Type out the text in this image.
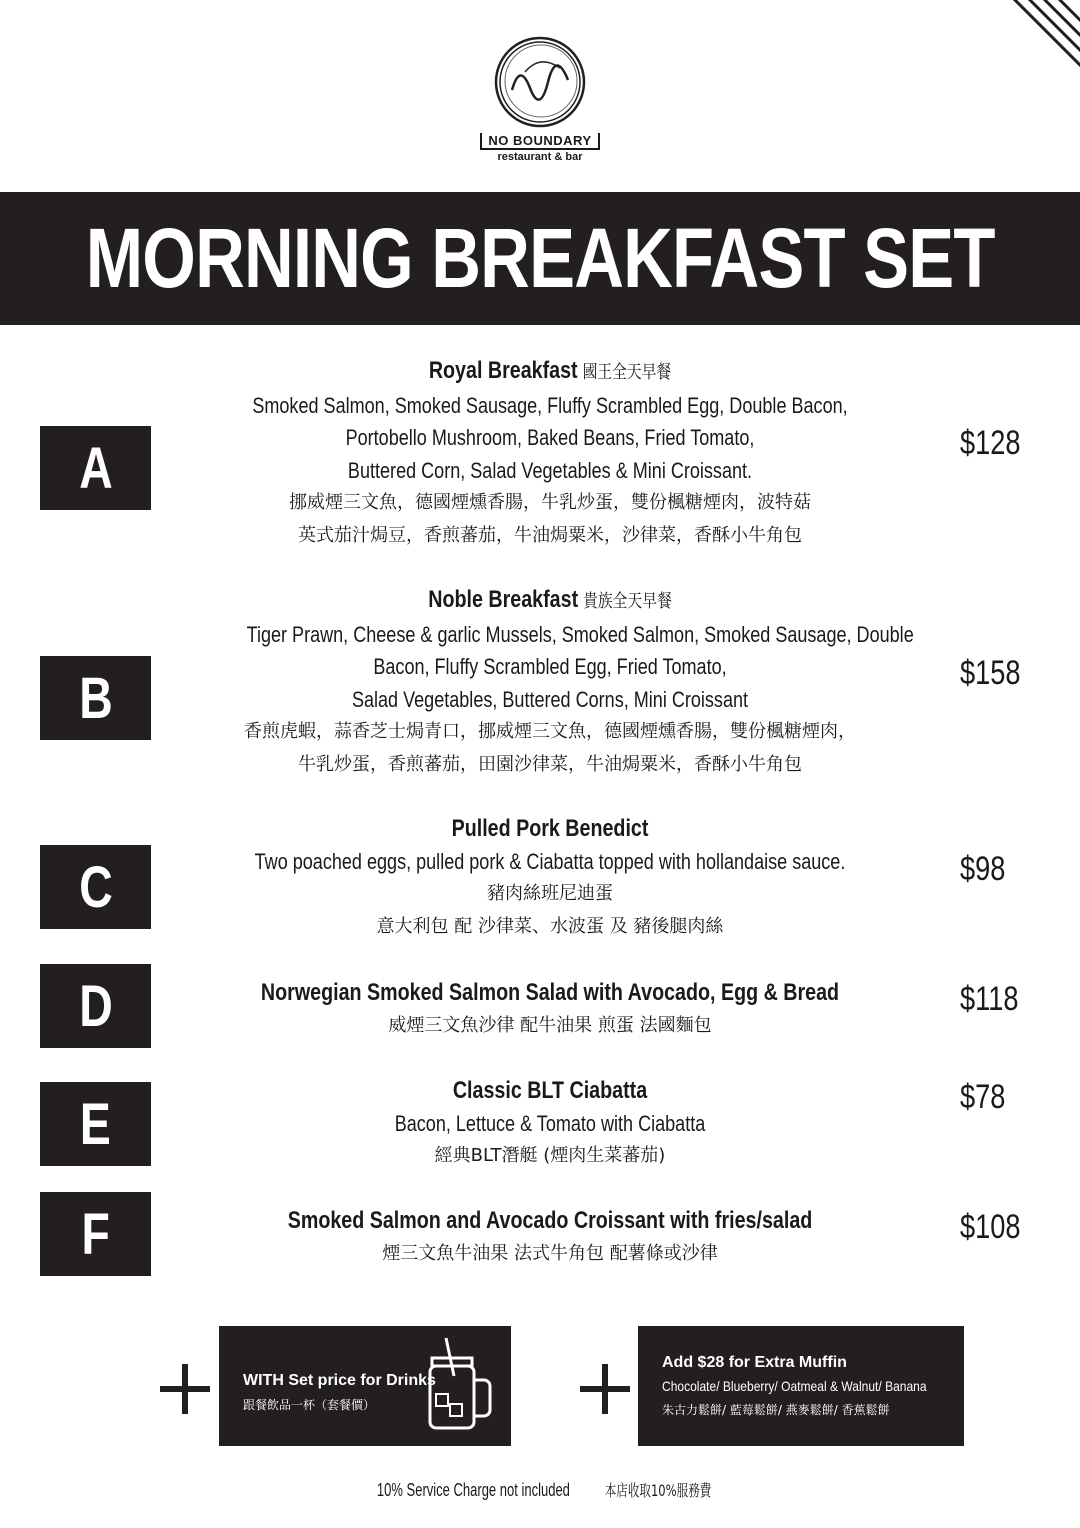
NO BOUNDARY
restaurant & bar
MORNING BREAKFAST SET
A
Royal Breakfast 國王全天早餐
Smoked Salmon, Smoked Sausage, Fluffy Scrambled Egg, Double Bacon,
Portobello Mushroom, Baked Beans, Fried Tomato,
Buttered Corn, Salad Vegetables & Mini Croissant.
挪威煙三文魚，德國煙燻香腸，牛乳炒蛋，雙份楓糖煙肉，波特菇
英式茄汁焗豆，香煎蕃茄，牛油焗粟米，沙律菜，香酥小牛角包
$128
B
Noble Breakfast 貴族全天早餐
Tiger Prawn, Cheese & garlic Mussels, Smoked Salmon, Smoked Sausage, Double
Bacon, Fluffy Scrambled Egg, Fried Tomato,
Salad Vegetables, Buttered Corns, Mini Croissant
香煎虎蝦，蒜香芝士焗青口，挪威煙三文魚，德國煙燻香腸，雙份楓糖煙肉，
牛乳炒蛋，香煎蕃茄，田園沙律菜，牛油焗粟米，香酥小牛角包
$158
C
Pulled Pork Benedict
Two poached eggs, pulled pork & Ciabatta topped with hollandaise sauce.
豬肉絲班尼迪蛋
意大利包 配 沙律菜、水波蛋 及 豬後腿肉絲
$98
D	Norwegian Smoked Salmon Salad with Avocado, Egg & Bread
威煙三文魚沙律 配牛油果 煎蛋 法國麵包
$118
E
Classic BLT Ciabatta
Bacon, Lettuce & Tomato with Ciabatta
經典BLT潛艇 (煙肉生菜蕃茄)
$78
F	Smoked Salmon and Avocado Croissant with fries/salad
煙三文魚牛油果 法式牛角包 配薯條或沙律
$108
WITH Set price for Drinks
跟餐飲品一杯（套餐價）
Add $28 for Extra Muffin
Chocolate/ Blueberry/ Oatmeal & Walnut/ Banana
朱古力鬆餅/ 藍莓鬆餅/ 燕麥鬆餅/ 香蕉鬆餅
10% Service Charge not included 本店收取10%服務費
